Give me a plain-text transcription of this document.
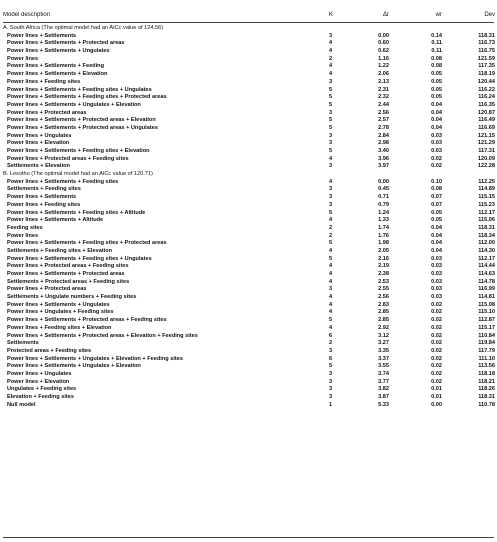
Model description	K	Δr	wr	Dev
A. South Africa (The optimal model had an AICc value of 124.56)
Power lines + Settlements	3	0.00	0.14	118.31
Power lines + Settlements + Protected areas	4	0.60	0.11	116.73
Power lines + Settlements + Ungulates	4	0.62	0.11	116.75
Power lines	2	1.16	0.08	121.59
Power lines + Settlements + Feeding	4	1.22	0.08	117.35
Power lines + Settlements + Elevation	4	2.06	0.05	118.19
Power lines + Feeding sites	3	2.13	0.05	120.44
Power lines + Settlements + Feeding sites + Ungulates	5	2.31	0.05	116.22
Power lines + Settlements + Feeding sites + Protected areas	5	2.32	0.05	116.24
Power lines + Settlements + Ungulates + Elevation	5	2.44	0.04	116.35
Power lines + Protected areas	3	2.56	0.04	120.87
Power lines + Settlements + Protected areas + Elevation	5	2.57	0.04	116.49
Power lines + Settlements + Protected areas + Ungulates	5	2.78	0.04	116.69
Power lines + Ungulates	3	2.84	0.03	121.15
Power lines + Elevation	3	2.98	0.03	121.29
Power lines + Settlements + Feeding sites + Elevation	5	3.40	0.03	117.31
Power lines + Protected areas + Feeding sites	4	3.96	0.02	120.09
Settlements + Elevation	3	3.97	0.02	122.28
B. Lesotho (The optimal model had an AICc value of 120.71)
Power lines + Settlements + Feeding sites	4	0.00	0.10	112.25
Settlements + Feeding sites	3	0.45	0.08	114.89
Power lines + Settlements	3	0.71	0.07	115.15
Power lines + Feeding sites	3	0.79	0.07	115.23
Power lines + Settlements + Feeding sites + Altitude	5	1.24	0.05	112.17
Power lines + Settlements + Altitude	4	1.33	0.05	115.06
Feeding sites	2	1.74	0.04	118.31
Power lines	2	1.76	0.04	118.34
Power lines + Settlements + Feeding sites + Protected areas	5	1.98	0.04	112.00
Settlements + Feeding sites + Elevation	4	2.05	0.04	114.30
Power lines + Settlements + Feeding sites + Ungulates	5	2.16	0.03	112.17
Power lines + Protected areas + Feeding sites	4	2.19	0.03	114.44
Power lines + Settlements + Protected areas	4	2.38	0.03	114.63
Settlements + Protected areas + Feeding sites	4	2.53	0.03	114.78
Power lines + Protected areas	3	2.55	0.03	116.99
Settlements + Ungulate numbers + Feeding sites	4	2.56	0.03	114.81
Power lines + Settlements + Ungulates	4	2.83	0.02	115.08
Power lines + Ungulates + Feeding sites	4	2.85	0.02	115.10
Power lines + Settlements + Protected areas + Feeding sites	5	2.85	0.02	112.87
Power lines + Feeding sites + Elevation	4	2.92	0.02	115.17
Power lines + Settlements + Protected areas + Elevation + Feeding sites	6	3.12	0.02	110.84
Settlements	2	3.27	0.02	119.84
Protected areas + Feeding sites	3	3.35	0.02	117.79
Power lines + Settlements + Ungulates + Elevation + Feeding sites	6	3.37	0.02	111.10
Power lines + Settlements + Ungulates + Elevation	5	3.55	0.02	113.56
Power lines + Ungulates	3	3.74	0.02	118.18
Power lines + Elevation	3	3.77	0.02	118.21
Ungulates + Feeding sites	3	3.82	0.01	118.26
Elevation + Feeding sites	3	3.87	0.01	118.31
Null model	1	5.33	0.00	110.78
